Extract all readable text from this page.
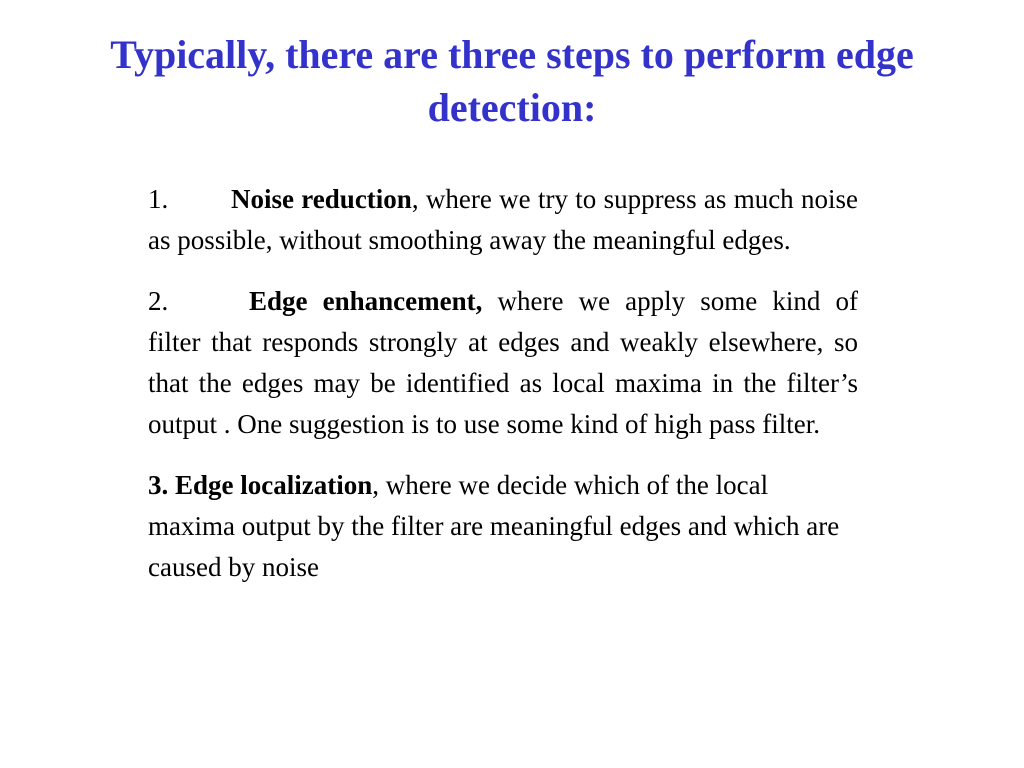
Typically, there are three steps to perform edge detection:

1. Noise reduction, where we try to suppress as much noise as possible, without smoothing away the meaningful edges.

2.	Edge enhancement, where we apply some kind of filter that responds strongly at edges and weakly elsewhere, so that the edges may be identified as local maxima in the filter’s output . One suggestion is to use some kind of high pass filter.

3. Edge localization, where we decide which of the local maxima output by the filter are meaningful edges and which are caused by noise
